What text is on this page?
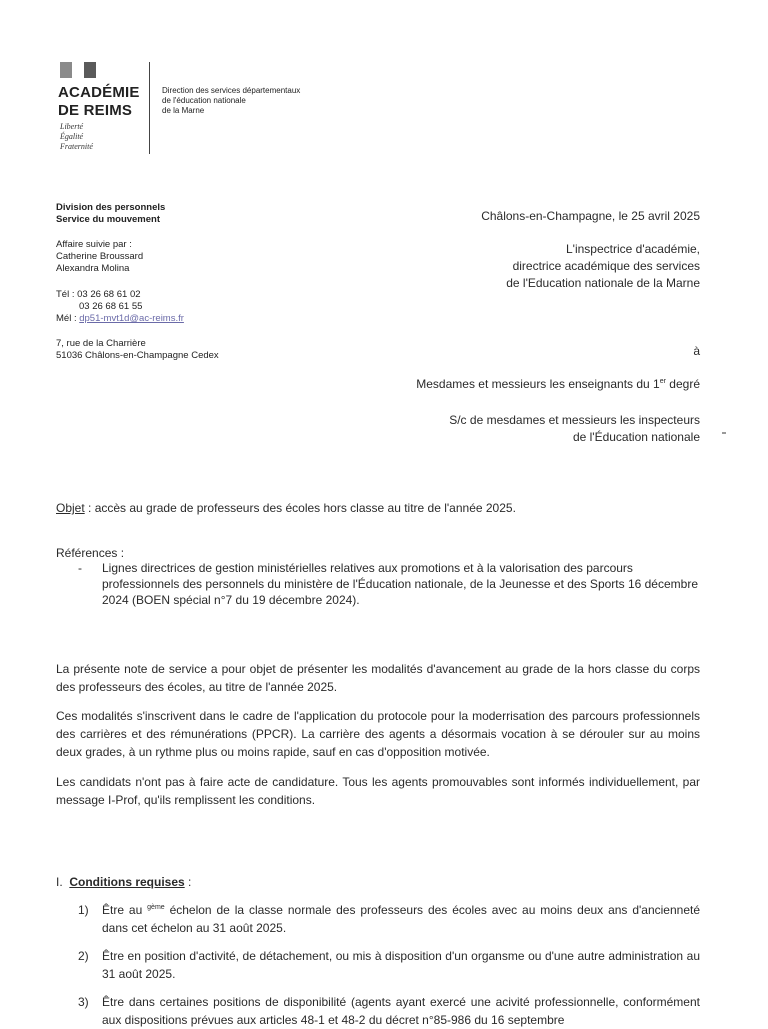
ACADÉMIE
DE REIMS
Liberté
Égalité
Fraternité
Direction des services départementaux
de l'éducation nationale
de la Marne
Division des personnels
Service du mouvement
Affaire suivie par :
Catherine Broussard
Alexandra Molina
Tél : 03 26 68 61 02
03 26 68 61 55
Mél : dp51-mvt1d@ac-reims.fr
7, rue de la Charrière
51036 Châlons-en-Champagne Cedex
Châlons-en-Champagne, le 25 avril 2025
L'inspectrice d'académie,
directrice académique des services
de l'Education nationale de la Marne
à
Mesdames et messieurs les enseignants du 1er degré
S/c de mesdames et messieurs les inspecteurs
de l'Éducation nationale
Objet : accès au grade de professeurs des écoles hors classe au titre de l'année 2025.
Références :
- Lignes directrices de gestion ministérielles relatives aux promotions et à la valorisation des parcours professionnels des personnels du ministère de l'Éducation nationale, de la Jeunesse et des Sports 16 décembre 2024 (BOEN spécial n°7 du 19 décembre 2024).
La présente note de service a pour objet de présenter les modalités d'avancement au grade de la hors classe du corps des professeurs des écoles, au titre de l'année 2025.
Ces modalités s'inscrivent dans le cadre de l'application du protocole pour la moderrisation des parcours professionnels des carrières et des rémunérations (PPCR). La carrière des agents a désormais vocation à se dérouler sur au moins deux grades, à un rythme plus ou moins rapide, sauf en cas d'opposition motivée.
Les candidats n'ont pas à faire acte de candidature. Tous les agents promouvables sont informés individuellement, par message I-Prof, qu'ils remplissent les conditions.
I. Conditions requises :
1) Être au $^{gème}$ échelon de la classe normale des professeurs des écoles avec au moins deux ans d'ancienneté dans cet échelon au 31 août 2025.
2) Être en position d'activité, de détachement, ou mis à disposition d'un organsme ou d'une autre administration au 31 août 2025.
3) Être dans certaines positions de disponibilité (agents ayant exercé une acivité professionnelle, conformément aux dispositions prévues aux articles 48-1 et 48-2 du décret n°85-986 du 16 septembre
